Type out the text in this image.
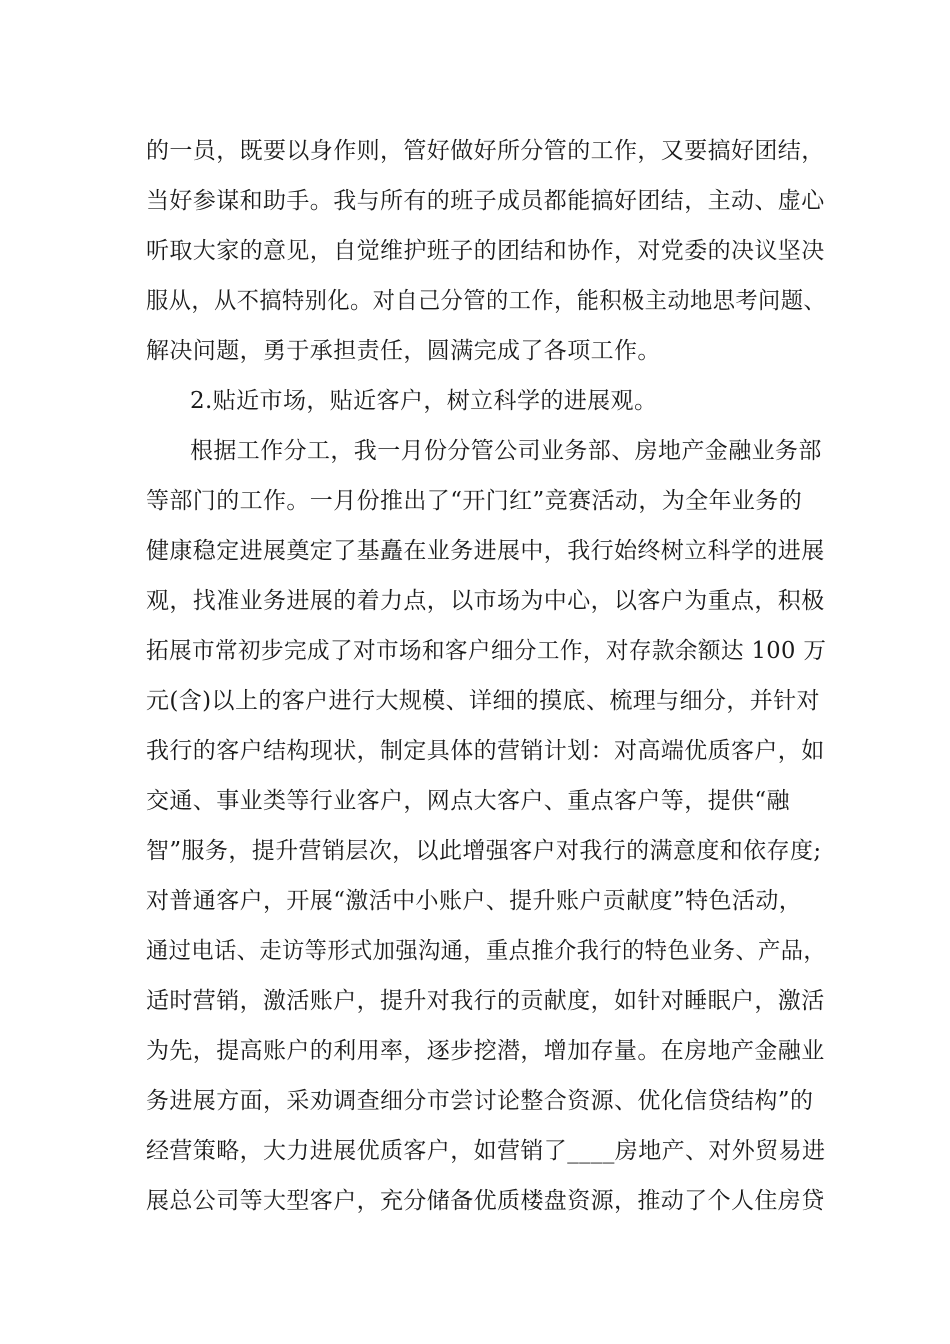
的一员，既要以身作则，管好做好所分管的工作，又要搞好团结，

当好参谋和助手。我与所有的班子成员都能搞好团结，主动、虚心

听取大家的意见，自觉维护班子的团结和协作，对党委的决议坚决

服从，从不搞特别化。对自己分管的工作，能积极主动地思考问题、

解决问题，勇于承担责任，圆满完成了各项工作。

2.贴近市场，贴近客户，树立科学的进展观。

根据工作分工，我一月份分管公司业务部、房地产金融业务部

等部门的工作。一月份推出了“开门红”竞赛活动，为全年业务的

健康稳定进展奠定了基矗在业务进展中，我行始终树立科学的进展

观，找准业务进展的着力点，以市场为中心，以客户为重点，积极

拓展市常初步完成了对市场和客户细分工作，对存款余额达 100 万

元(含)以上的客户进行大规模、详细的摸底、梳理与细分，并针对

我行的客户结构现状，制定具体的营销计划：对高端优质客户，如

交通、事业类等行业客户，网点大客户、重点客户等，提供“融

智”服务，提升营销层次，以此增强客户对我行的满意度和依存度;

对普通客户，开展“激活中小账户、提升账户贡献度”特色活动，

通过电话、走访等形式加强沟通，重点推介我行的特色业务、产品，

适时营销，激活账户，提升对我行的贡献度，如针对睡眠户，激活

为先，提高账户的利用率，逐步挖潜，增加存量。在房地产金融业

务进展方面，采劝调查细分市尝讨论整合资源、优化信贷结构”的

经营策略，大力进展优质客户，如营销了____房地产、对外贸易进

展总公司等大型客户，充分储备优质楼盘资源，推动了个人住房贷
